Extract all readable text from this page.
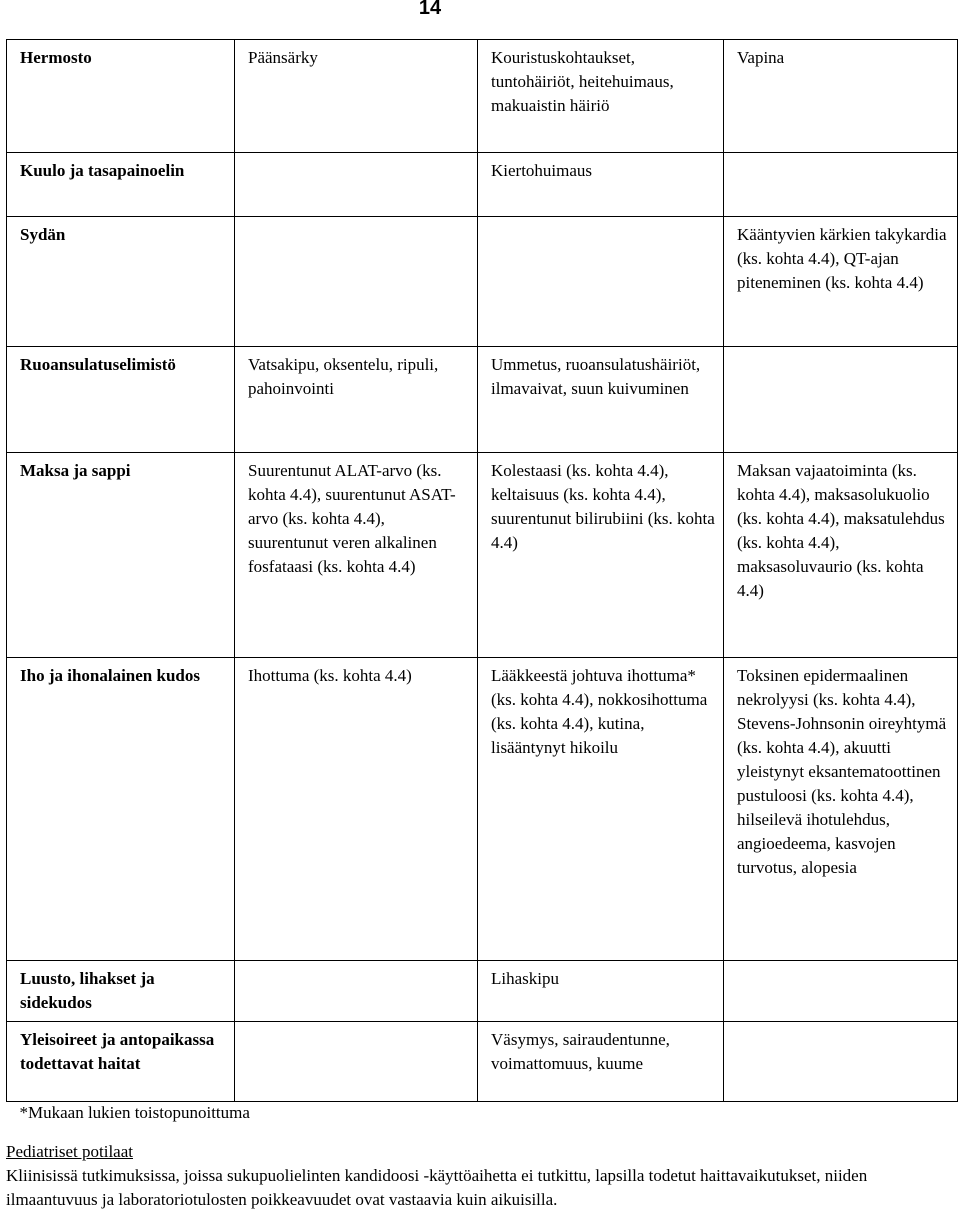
14
Hermosto	Päänsärky	Kouristuskohtaukset, tuntohäiriöt, heitehuimaus, makuaistin häiriö	Vapina
Kuulo ja tasapainoelin		Kiertohuimaus	
Sydän			Kääntyvien kärkien takykardia (ks. kohta 4.4), QT-ajan piteneminen (ks. kohta 4.4)
Ruoansulatuselimistö	Vatsakipu, oksentelu, ripuli, pahoinvointi	Ummetus, ruoansulatushäiriöt, ilmavaivat, suun kuivuminen	
Maksa ja sappi	Suurentunut ALAT-arvo (ks. kohta 4.4), suurentunut ASAT-arvo (ks. kohta 4.4), suurentunut veren alkalinen fosfataasi (ks. kohta 4.4)	Kolestaasi (ks. kohta 4.4), keltaisuus (ks. kohta 4.4), suurentunut bilirubiini (ks. kohta 4.4)	Maksan vajaatoiminta (ks. kohta 4.4), maksasolukuolio (ks. kohta 4.4), maksatulehdus (ks. kohta 4.4), maksasoluvaurio (ks. kohta 4.4)
Iho ja ihonalainen kudos	Ihottuma (ks. kohta 4.4)	Lääkkeestä johtuva ihottuma* (ks. kohta 4.4), nokkosihottuma (ks. kohta 4.4), kutina, lisääntynyt hikoilu	Toksinen epidermaalinen nekrolyysi (ks. kohta 4.4), Stevens-Johnsonin oireyhtymä (ks. kohta 4.4), akuutti yleistynyt eksantematoottinen pustuloosi (ks. kohta 4.4), hilseilevä ihotulehdus, angioedeema, kasvojen turvotus, alopesia
Luusto, lihakset ja sidekudos		Lihaskipu	
Yleisoireet ja antopaikassa todettavat haitat		Väsymys, sairaudentunne, voimattomuus, kuume	
*Mukaan lukien toistopunoittuma			
Pediatriset potilaat
Kliinisissä tutkimuksissa, joissa sukupuolielinten kandidoosi -käyttöaihetta ei tutkittu, lapsilla todetut haittavaikutukset, niiden ilmaantuvuus ja laboratoriotulosten poikkeavuudet ovat vastaavia kuin aikuisilla.
